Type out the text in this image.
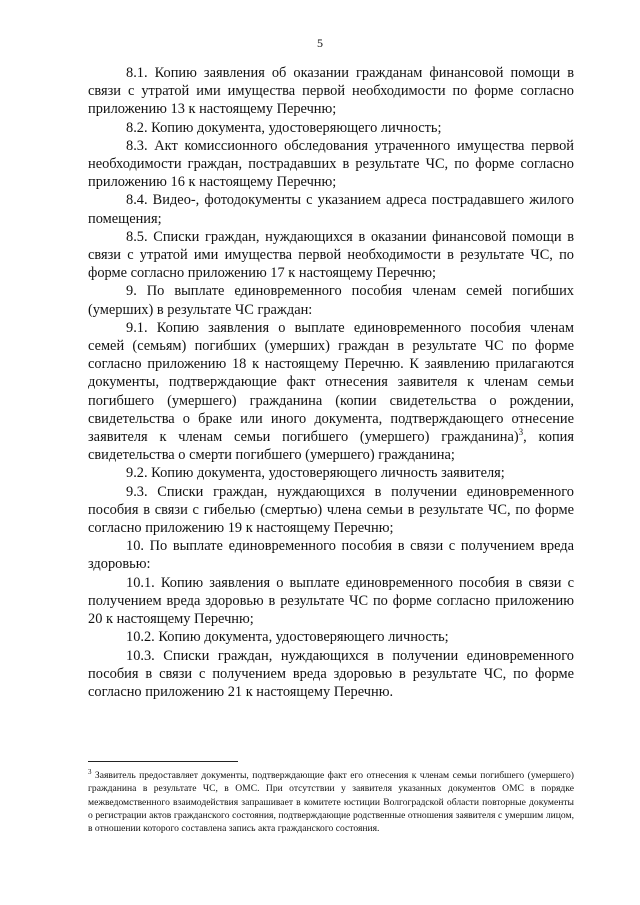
5

8.1. Копию заявления об оказании гражданам финансовой помощи в связи с утратой ими имущества первой необходимости по форме согласно приложению 13 к настоящему Перечню;

8.2. Копию документа, удостоверяющего личность;

8.3. Акт комиссионного обследования утраченного имущества первой необходимости граждан, пострадавших в результате ЧС, по форме согласно приложению 16 к настоящему Перечню;

8.4. Видео-, фотодокументы с указанием адреса пострадавшего жилого помещения;

8.5. Списки граждан, нуждающихся в оказании финансовой помощи в связи с утратой ими имущества первой необходимости в результате ЧС, по форме согласно приложению 17 к настоящему Перечню;

9. По выплате единовременного пособия членам семей погибших (умерших) в результате ЧС граждан:

9.1. Копию заявления о выплате единовременного пособия членам семей (семьям) погибших (умерших) граждан в результате ЧС по форме согласно приложению 18 к настоящему Перечню. К заявлению прилагаются документы, подтверждающие факт отнесения заявителя к членам семьи погибшего (умершего) гражданина (копии свидетельства о рождении, свидетельства о браке или иного документа, подтверждающего отнесение заявителя к членам семьи погибшего (умершего) гражданина)$^3$, копия свидетельства о смерти погибшего (умершего) гражданина;

9.2. Копию документа, удостоверяющего личность заявителя;

9.3. Списки граждан, нуждающихся в получении единовременного пособия в связи с гибелью (смертью) члена семьи в результате ЧС, по форме согласно приложению 19 к настоящему Перечню;

10. По выплате единовременного пособия в связи с получением вреда здоровью:

10.1. Копию заявления о выплате единовременного пособия в связи с получением вреда здоровью в результате ЧС по форме согласно приложению 20 к настоящему Перечню;

10.2. Копию документа, удостоверяющего личность;

10.3. Списки граждан, нуждающихся в получении единовременного пособия в связи с получением вреда здоровью в результате ЧС, по форме согласно приложению 21 к настоящему Перечню.

$^3$ Заявитель предоставляет документы, подтверждающие факт его отнесения к членам семьи погибшего (умершего) гражданина в результате ЧС, в ОМС. При отсутствии у заявителя указанных документов ОМС в порядке межведомственного взаимодействия запрашивает в комитете юстиции Волгоградской области повторные документы о регистрации актов гражданского состояния, подтверждающие родственные отношения заявителя с умершим лицом, в отношении которого составлена запись акта гражданского состояния.
